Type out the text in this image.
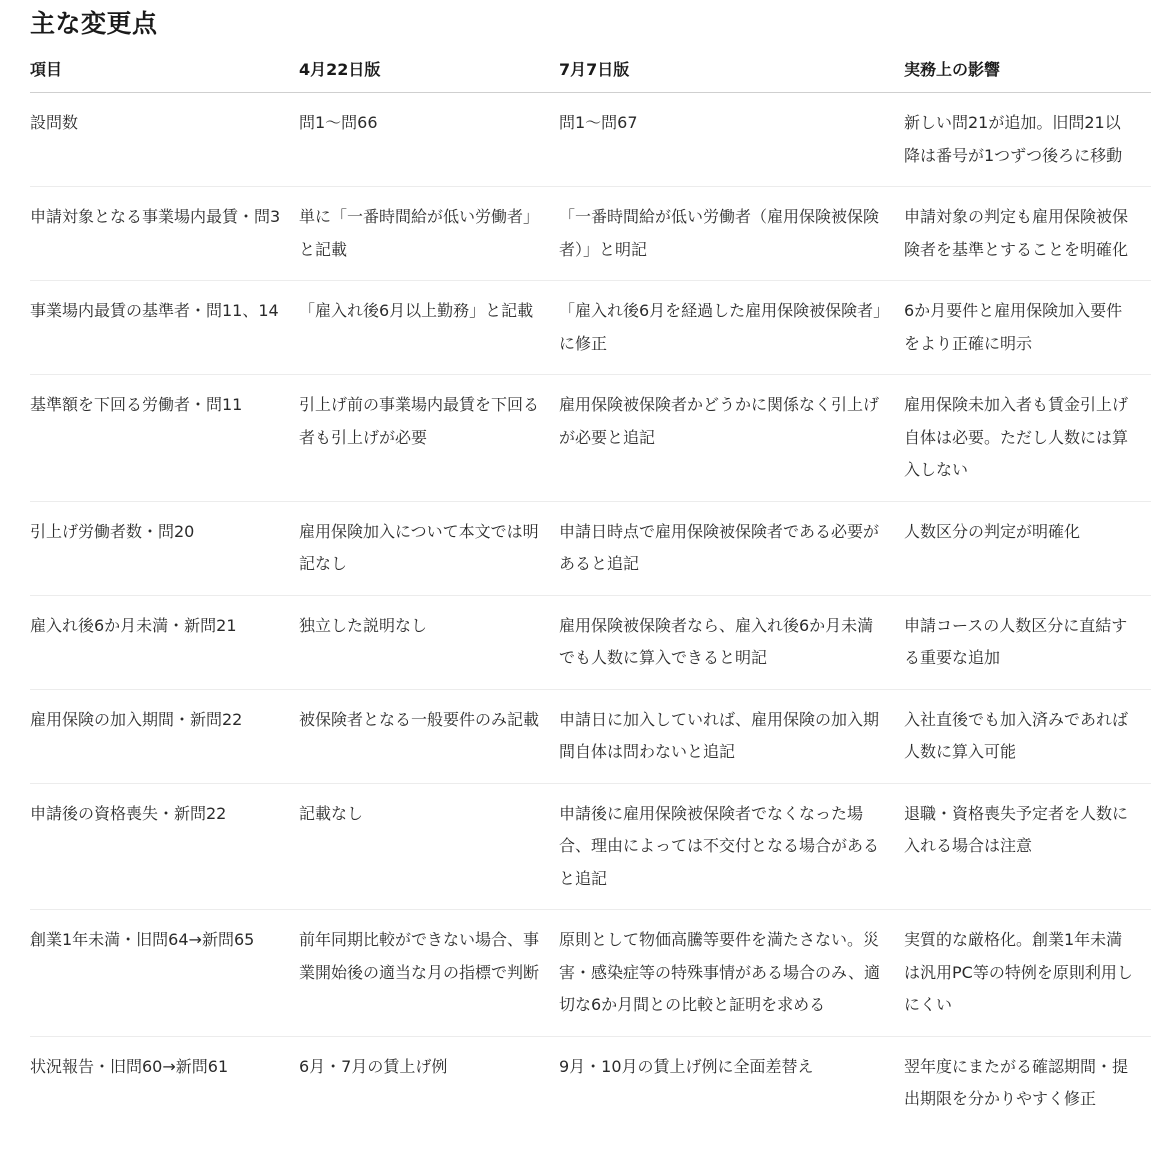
主な変更点
項目	4月22日版	7月7日版	実務上の影響
設問数	問1～問66	問1～問67	新しい問21が追加。旧問21以降は番号が1つずつ後ろに移動
申請対象となる事業場内最賃・問3	単に「一番時間給が低い労働者」と記載	「一番時間給が低い労働者（雇用保険被保険者）」と明記	申請対象の判定も雇用保険被保険者を基準とすることを明確化
事業場内最賃の基準者・問11、14	「雇入れ後6月以上勤務」と記載	「雇入れ後6月を経過した雇用保険被保険者」に修正	6か月要件と雇用保険加入要件をより正確に明示
基準額を下回る労働者・問11	引上げ前の事業場内最賃を下回る者も引上げが必要	雇用保険被保険者かどうかに関係なく引上げが必要と追記	雇用保険未加入者も賃金引上げ自体は必要。ただし人数には算入しない
引上げ労働者数・問20	雇用保険加入について本文では明記なし	申請日時点で雇用保険被保険者である必要があると追記	人数区分の判定が明確化
雇入れ後6か月未満・新問21	独立した説明なし	雇用保険被保険者なら、雇入れ後6か月未満でも人数に算入できると明記	申請コースの人数区分に直結する重要な追加
雇用保険の加入期間・新問22	被保険者となる一般要件のみ記載	申請日に加入していれば、雇用保険の加入期間自体は問わないと追記	入社直後でも加入済みであれば人数に算入可能
申請後の資格喪失・新問22	記載なし	申請後に雇用保険被保険者でなくなった場合、理由によっては不交付となる場合があると追記	退職・資格喪失予定者を人数に入れる場合は注意
創業1年未満・旧問64→新問65	前年同期比較ができない場合、事業開始後の適当な月の指標で判断	原則として物価高騰等要件を満たさない。災害・感染症等の特殊事情がある場合のみ、適切な6か月間との比較と証明を求める	実質的な厳格化。創業1年未満は汎用PC等の特例を原則利用しにくい
状況報告・旧問60→新問61	6月・7月の賃上げ例	9月・10月の賃上げ例に全面差替え	翌年度にまたがる確認期間・提出期限を分かりやすく修正
